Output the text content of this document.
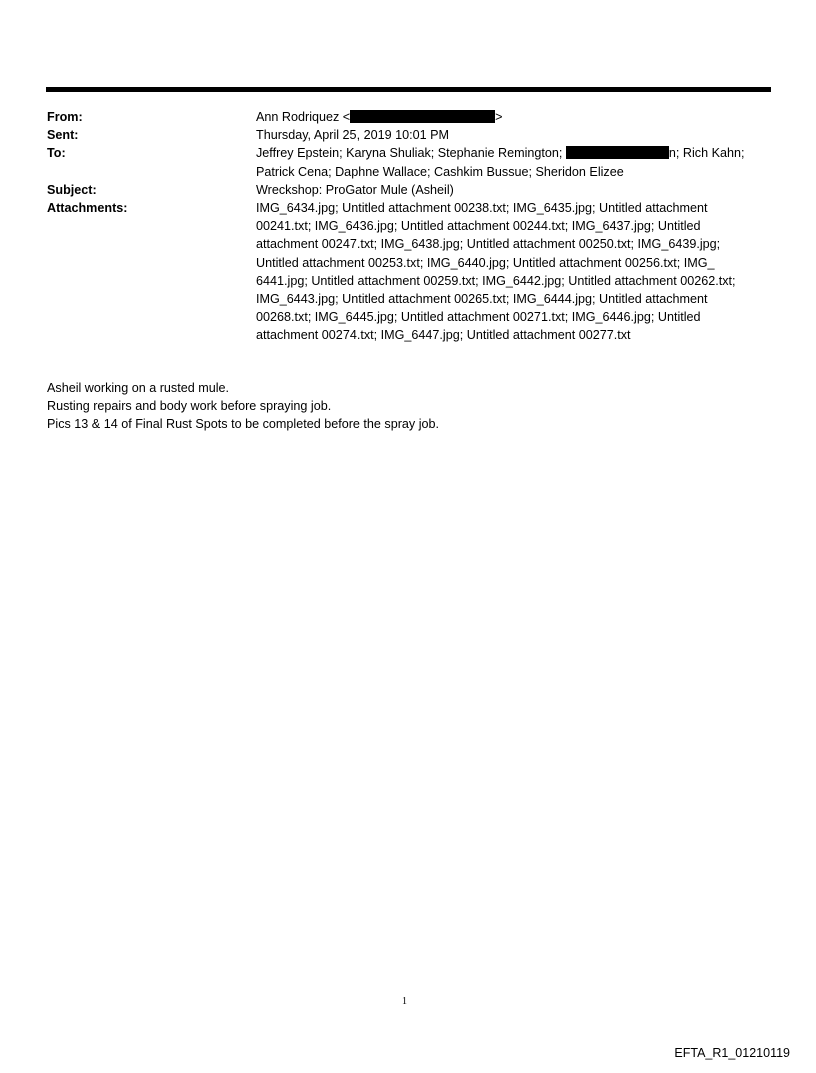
From:	Ann Rodriquez <	>
Sent:	Thursday, April 25, 2019 10:01 PM
To:	Jeffrey Epstein; Karyna Shuliak; Stephanie Remington;	n; Rich Kahn;
Patrick Cena; Daphne Wallace; Cashkim Bussue; Sheridon Elizee
Subject:	Wreckshop: ProGator Mule (Asheil)
Attachments:	IMG_6434.jpg; Untitled attachment 00238.txt; IMG_6435.jpg; Untitled attachment
00241.txt; IMG_6436.jpg; Untitled attachment 00244.txt; IMG_6437.jpg; Untitled
attachment 00247.txt; IMG_6438.jpg; Untitled attachment 00250.txt; IMG_6439.jpg;
Untitled attachment 00253.txt; IMG_6440.jpg; Untitled attachment 00256.txt; IMG_
6441.jpg; Untitled attachment 00259.txt; IMG_6442.jpg; Untitled attachment 00262.txt;
IMG_6443.jpg; Untitled attachment 00265.txt; IMG_6444.jpg; Untitled attachment
00268.txt; IMG_6445.jpg; Untitled attachment 00271.txt; IMG_6446.jpg; Untitled
attachment 00274.txt; IMG_6447.jpg; Untitled attachment 00277.txt
Asheil working on a rusted mule.
Rusting repairs and body work before spraying job.
Pics 13 & 14 of Final Rust Spots to be completed before the spray job.
1
EFTA_R1_01210119
